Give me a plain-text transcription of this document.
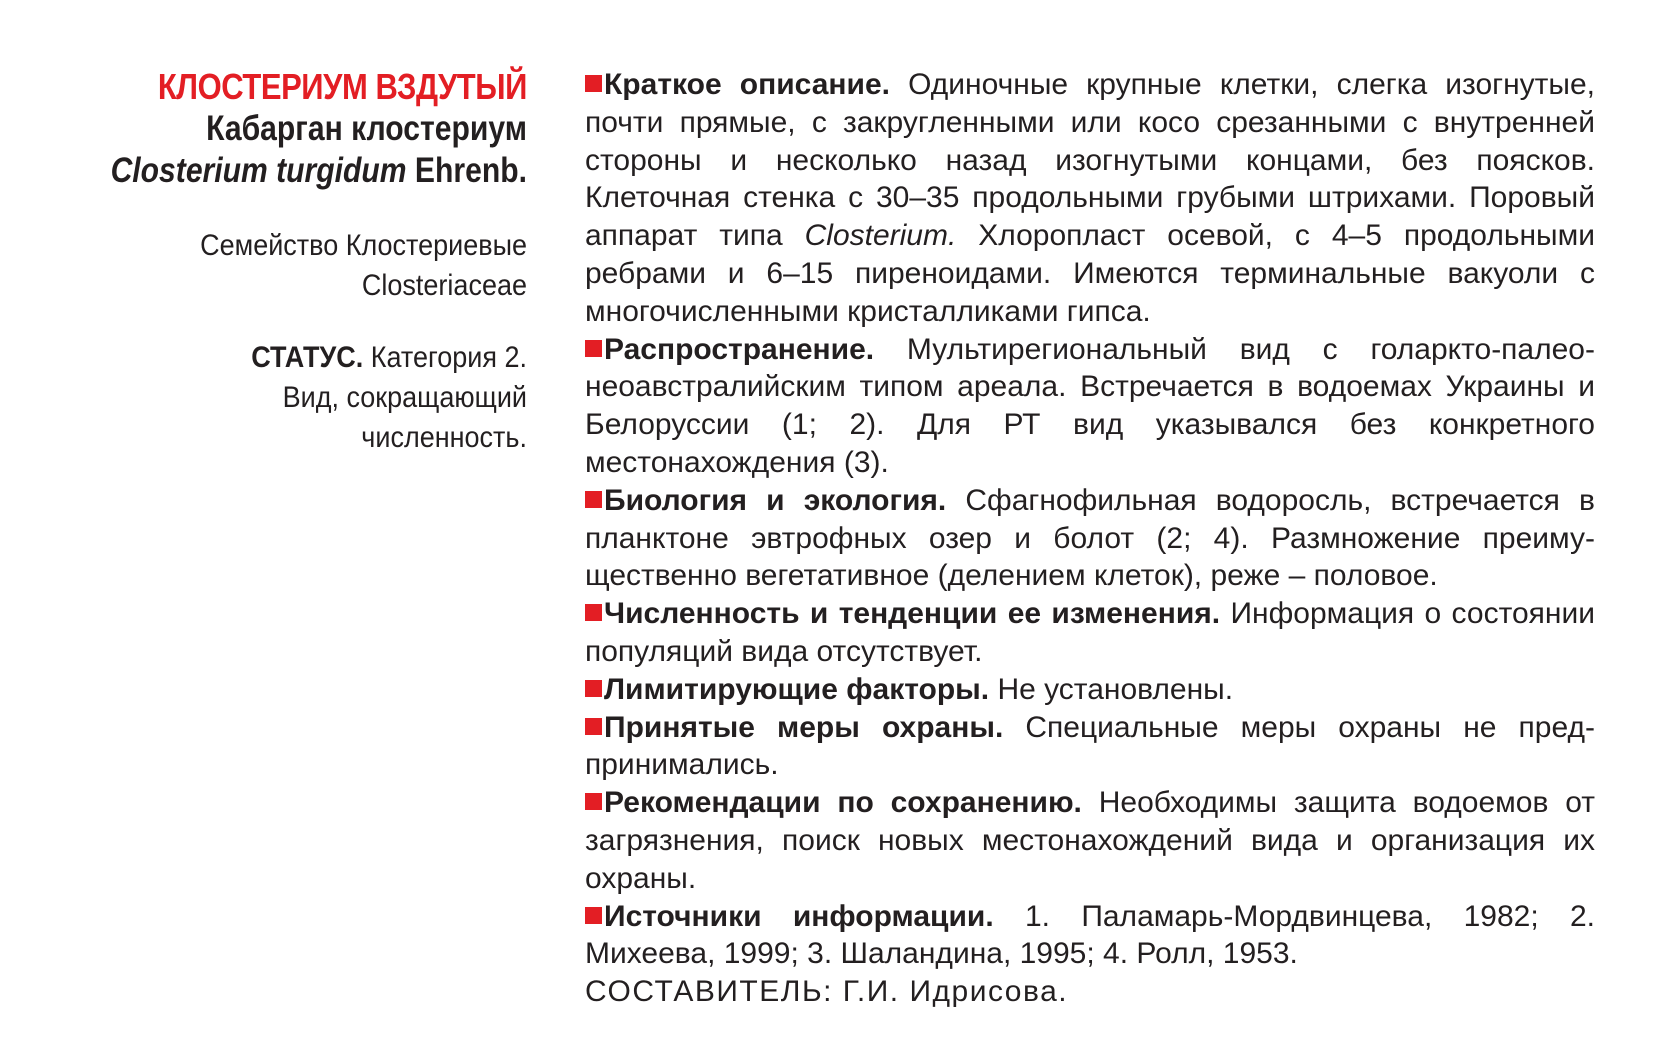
КЛОСТЕРИУМ ВЗДУТЫЙ
Кабарган клостериум
Closterium turgidum Ehrenb.
Семейство Клостериевые
Closteriaceae
СТАТУС. Категория 2.
Вид, сокращающий
численность.

Краткое описание. Одиночные крупные клетки, слегка изогнутые, почти прямые, с закругленными или косо срезанными с внутренней стороны и несколько назад изогнутыми концами, без поясков. Клеточная стенка с 30–35 продольными грубыми штрихами. Поровый аппарат типа Closterium. Хлоропласт осевой, с 4–5 продольными ребрами и 6–15 пиреноидами. Имеются терминальные вакуоли с многочисленными кристалликами гипса.

Распространение. Мультирегиональный вид с голаркто-палеонеоавстралийским типом ареала. Встречается в водоемах Украины и Белоруссии (1; 2). Для РТ вид указывался без конкретного местонахождения (3).

Биология и экология. Сфагнофильная водоросль, встречается в планктоне эвтрофных озер и болот (2; 4). Размножение преимущественно вегетативное (делением клеток), реже – половое.

Численность и тенденции ее изменения. Информация о состоянии популяций вида отсутствует.

Лимитирующие факторы. Не установлены.

Принятые меры охраны. Специальные меры охраны не предпринимались.

Рекомендации по сохранению. Необходимы защита водоемов от загрязнения, поиск новых местонахождений вида и организация их охраны.

Источники информации. 1. Паламарь-Мордвинцева, 1982; 2. Михеева, 1999; 3. Шаландина, 1995; 4. Ролл, 1953.

СОСТАВИТЕЛЬ: Г.И. Идрисова.
